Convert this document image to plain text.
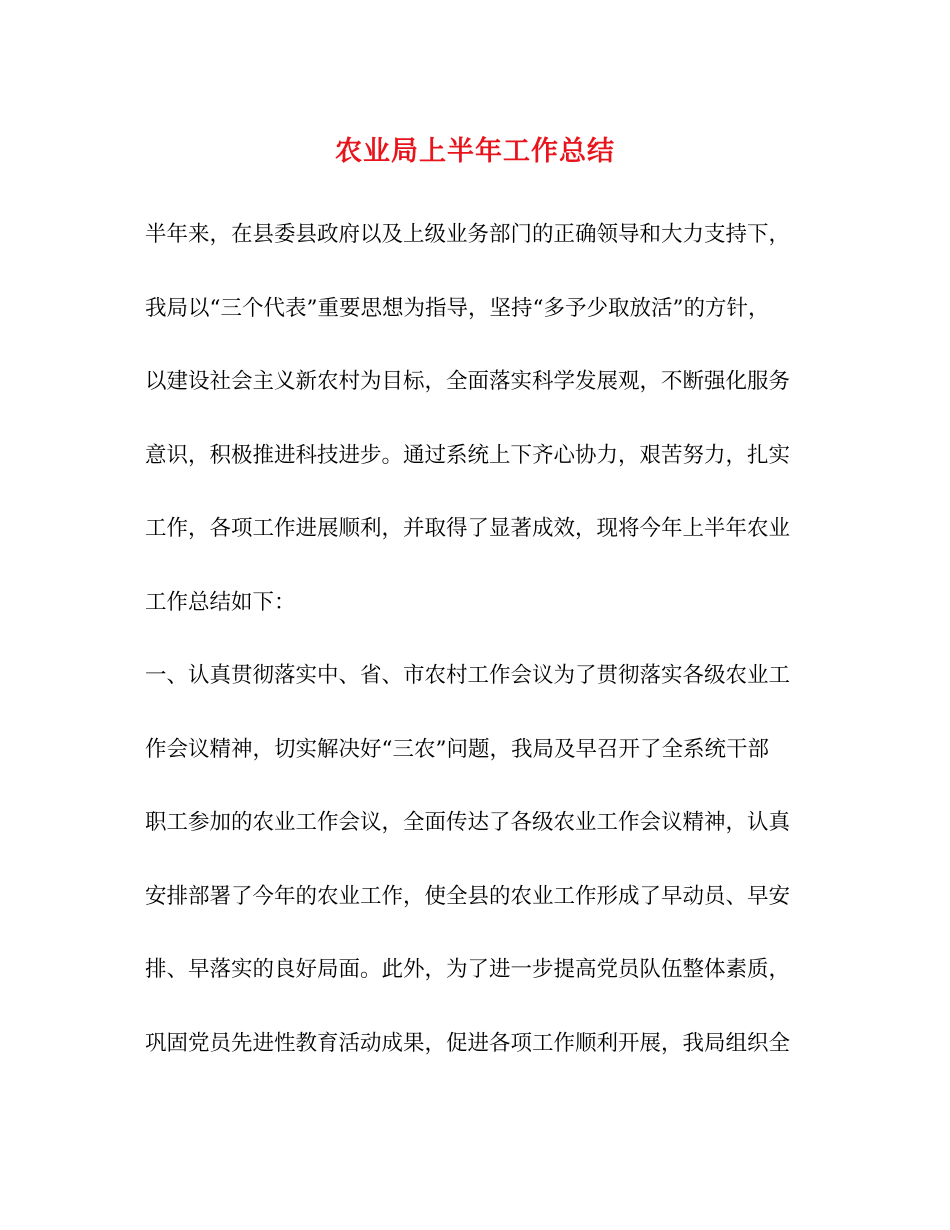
农业局上半年工作总结
半年来，在县委县政府以及上级业务部门的正确领导和大力支持下，
我局以“三个代表”重要思想为指导，坚持“多予少取放活”的方针，
以建设社会主义新农村为目标，全面落实科学发展观，不断强化服务
意识，积极推进科技进步。通过系统上下齐心协力，艰苦努力，扎实
工作，各项工作进展顺利，并取得了显著成效，现将今年上半年农业
工作总结如下：
一、认真贯彻落实中、省、市农村工作会议为了贯彻落实各级农业工
作会议精神，切实解决好“三农”问题，我局及早召开了全系统干部
职工参加的农业工作会议，全面传达了各级农业工作会议精神，认真
安排部署了今年的农业工作，使全县的农业工作形成了早动员、早安
排、早落实的良好局面。此外，为了进一步提高党员队伍整体素质，
巩固党员先进性教育活动成果，促进各项工作顺利开展，我局组织全
